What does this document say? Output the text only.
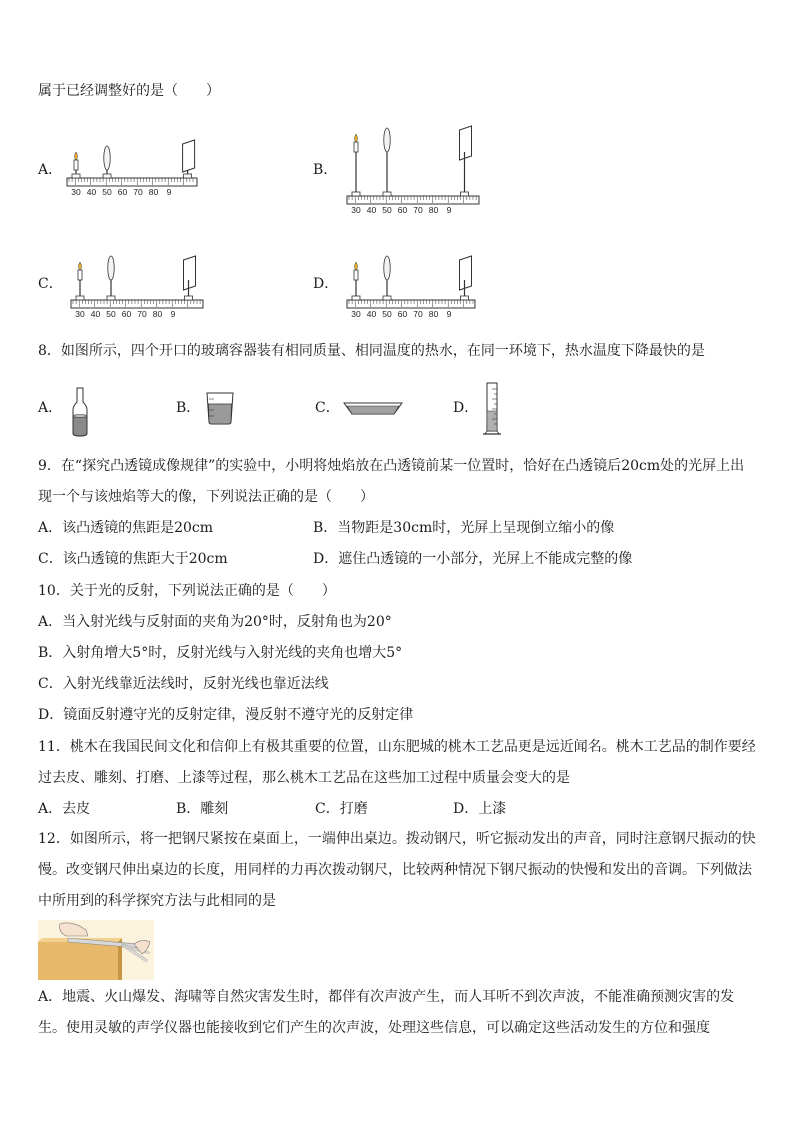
属于已经调整好的是（　　）
A．	B．
C．	D．
30 40 50 60 70 80 9
30 40 50 60 70 80 9
30 40 50 60 70 80 9	30 40 50 60 70 80 9
8．如图所示，四个开口的玻璃容器装有相同质量、相同温度的热水，在同一环境下，热水温度下降最快的是
A．	B．	C．	D．
9．在“探究凸透镜成像规律”的实验中，小明将烛焰放在凸透镜前某一位置时，恰好在凸透镜后20cm处的光屏上出现一个与该烛焰等大的像，下列说法正确的是（　　）
A．该凸透镜的焦距是20cm	B．当物距是30cm时，光屏上呈现倒立缩小的像
C．该凸透镜的焦距大于20cm	D．遮住凸透镜的一小部分，光屏上不能成完整的像
10．关于光的反射，下列说法正确的是（　　）
A．当入射光线与反射面的夹角为20°时，反射角也为20°
B．入射角增大5°时，反射光线与入射光线的夹角也增大5°
C．入射光线靠近法线时，反射光线也靠近法线
D．镜面反射遵守光的反射定律，漫反射不遵守光的反射定律
11．桃木在我国民间文化和信仰上有极其重要的位置，山东肥城的桃木工艺品更是远近闻名。桃木工艺品的制作要经过去皮、雕刻、打磨、上漆等过程，那么桃木工艺品在这些加工过程中质量会变大的是
A．去皮	B．雕刻	C．打磨	D．上漆
12．如图所示，将一把钢尺紧按在桌面上，一端伸出桌边。拨动钢尺，听它振动发出的声音，同时注意钢尺振动的快慢。改变钢尺伸出桌边的长度，用同样的力再次拨动钢尺，比较两种情况下钢尺振动的快慢和发出的音调。下列做法中所用到的科学探究方法与此相同的是
A．地震、火山爆发、海啸等自然灾害发生时，都伴有次声波产生，而人耳听不到次声波，不能准确预测灾害的发生。使用灵敏的声学仪器也能接收到它们产生的次声波，处理这些信息，可以确定这些活动发生的方位和强度
